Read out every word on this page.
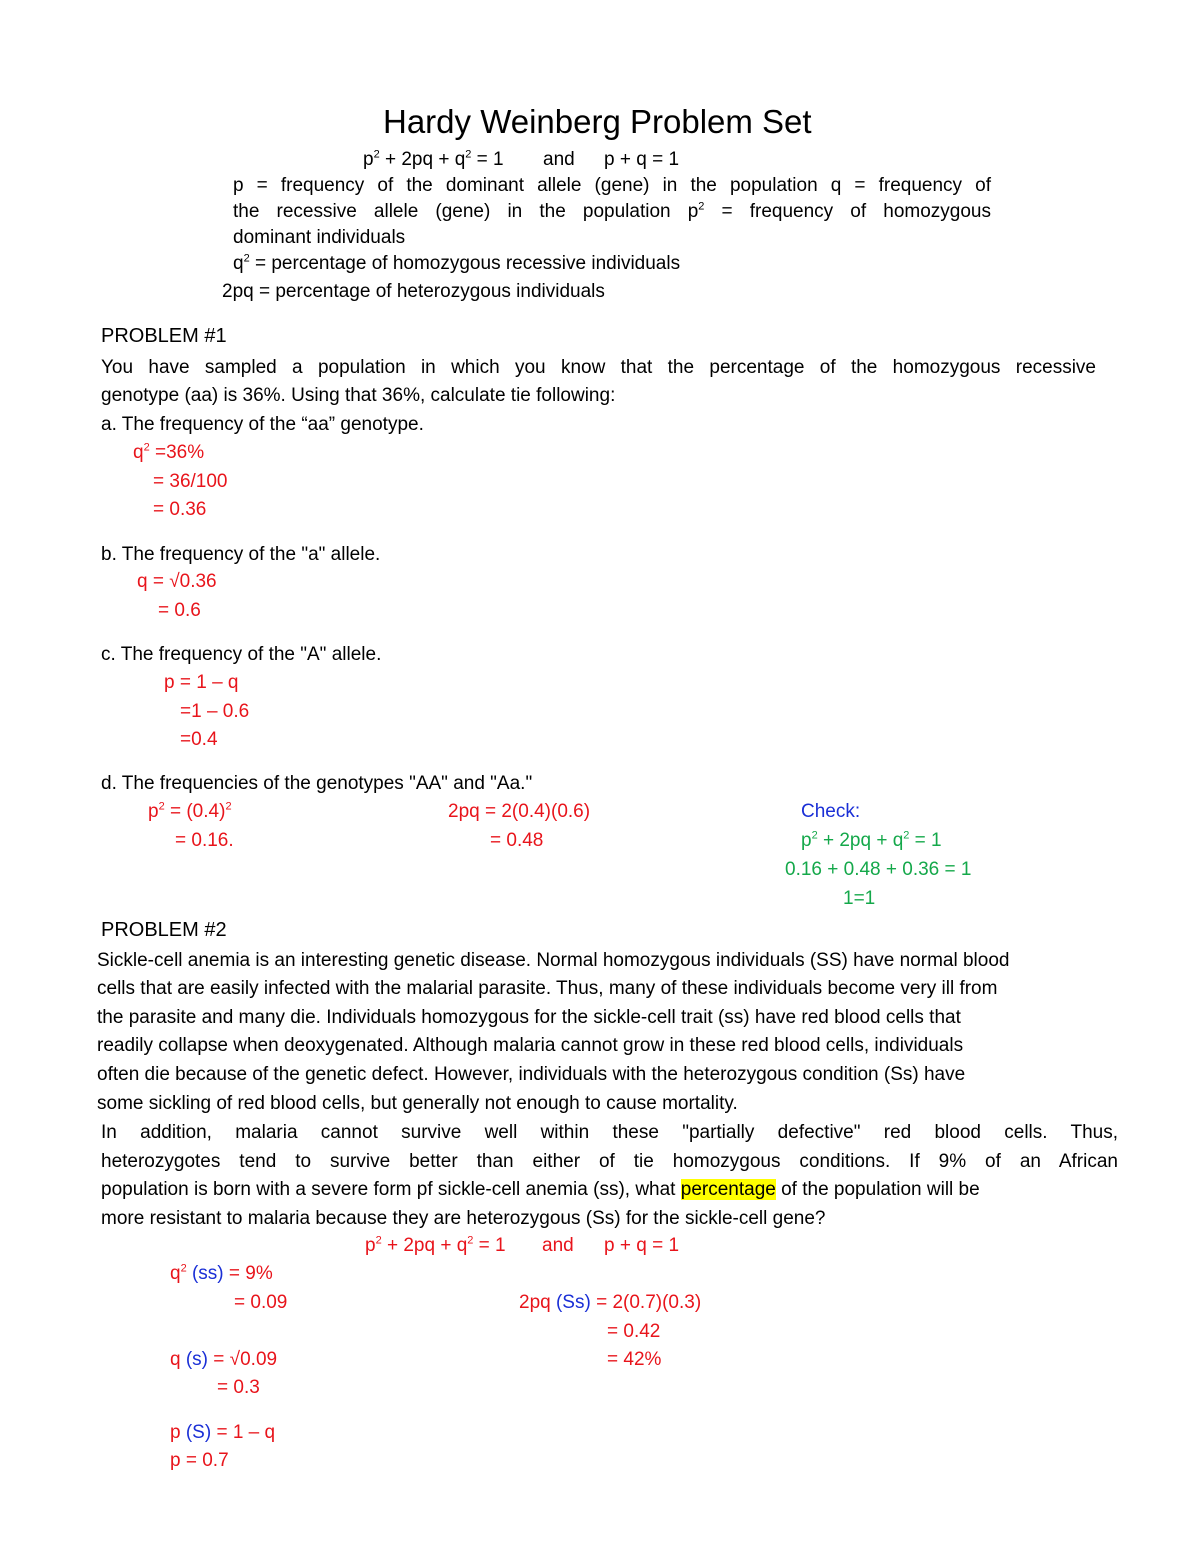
Hardy Weinberg Problem Set
$p^2 + 2pq + q^2 = 1$ and p + q = 1
p = frequency of the dominant allele (gene) in the population q = frequency of
the recessive allele (gene) in the population $p^2$ = frequency of homozygous
dominant individuals
$q^2$ = percentage of homozygous recessive individuals
2pq = percentage of heterozygous individuals
PROBLEM #1
You have sampled a population in which you know that the percentage of the homozygous recessive
genotype (aa) is 36%. Using that 36%, calculate tie following:
a. The frequency of the “aa” genotype.
$q^2 =36\%$
= 36/100
= 0.36
b. The frequency of the "a" allele.
q = √0.36
= 0.6
c. The frequency of the "A" allele.
p = 1 – q
=1 – 0.6
=0.4
d. The frequencies of the genotypes "AA" and "Aa."
$p^2 = (0.4)^2$
= 0.16.
2pq = 2(0.4)(0.6)
= 0.48
Check:
$p^2 + 2pq + q^2 = 1$
0.16 + 0.48 + 0.36 = 1
1=1
PROBLEM #2
Sickle-cell anemia is an interesting genetic disease. Normal homozygous individuals (SS) have normal blood
cells that are easily infected with the malarial parasite. Thus, many of these individuals become very ill from
the parasite and many die. Individuals homozygous for the sickle-cell trait (ss) have red blood cells that
readily collapse when deoxygenated. Although malaria cannot grow in these red blood cells, individuals
often die because of the genetic defect. However, individuals with the heterozygous condition (Ss) have
some sickling of red blood cells, but generally not enough to cause mortality.
In addition, malaria cannot survive well within these "partially defective" red blood cells. Thus,
heterozygotes tend to survive better than either of tie homozygous conditions. If 9% of an African
population is born with a severe form pf sickle-cell anemia (ss), what percentage of the population will be
more resistant to malaria because they are heterozygous (Ss) for the sickle-cell gene?
$p^2 + 2pq + q^2 = 1$ and p + q = 1
$q^2$ (ss) = 9%
= 0.09
q (s) = √0.09
= 0.3
p (S) = 1 – q
p = 0.7
2pq (Ss) = 2(0.7)(0.3)
= 0.42
= 42%
